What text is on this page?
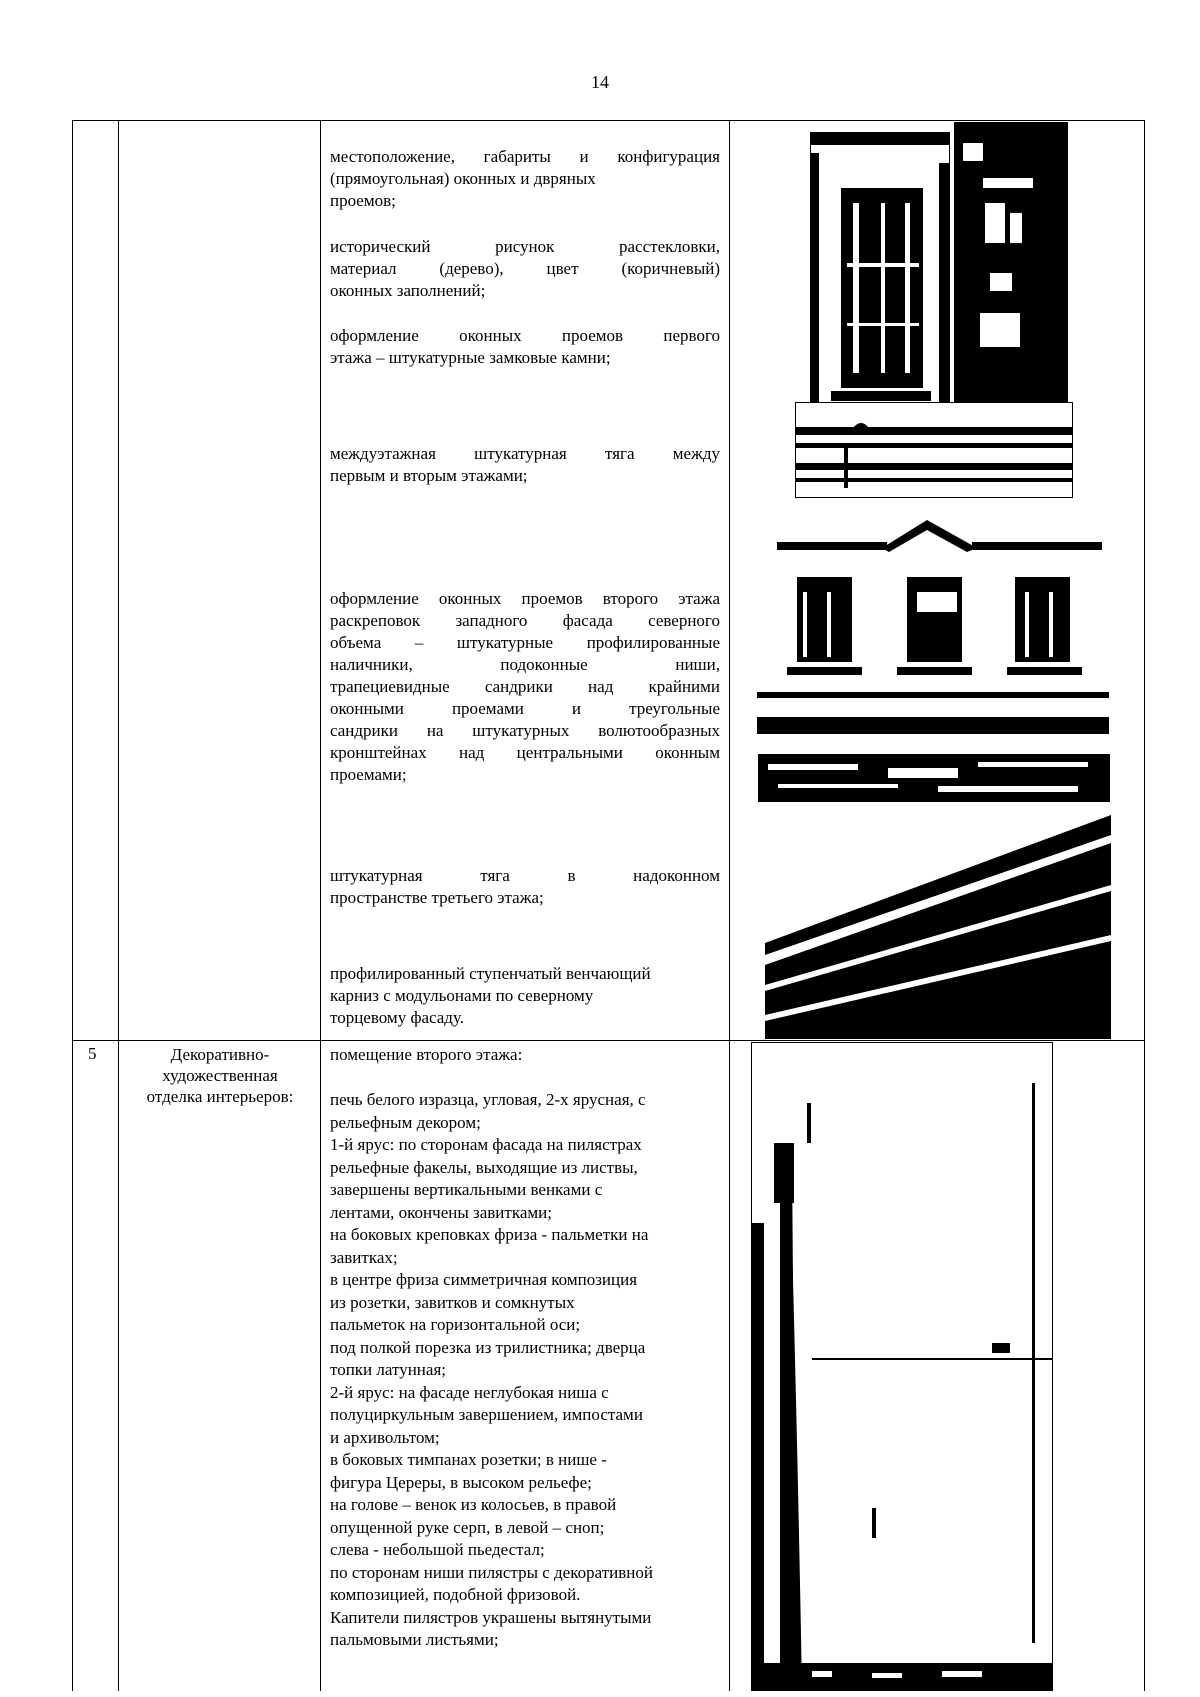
14
местоположение, габариты и конфигурация
(прямоугольная) оконных и двряных
проемов;
исторический рисунок расстекловки,
материал (дерево), цвет (коричневый)
оконных заполнений;
оформление оконных проемов первого
этажа – штукатурные замковые камни;
междуэтажная штукатурная тяга между
первым и вторым этажами;
оформление оконных проемов второго этажа
раскреповок западного фасада северного
объема – штукатурные профилированные
наличники, подоконные ниши,
трапециевидные сандрики над крайними
оконными проемами и треугольные
сандрики на штукатурных волютообразных
кронштейнах над центральными оконным
проемами;
штукатурная тяга в надоконном
пространстве третьего этажа;
профилированный ступенчатый венчающий
карниз с модульонами по северному
торцевому фасаду.
5	Декоративно-
художественная
отделка интерьеров:
помещение второго этажа:
печь белого изразца, угловая, 2-х ярусная, с
рельефным декором;
1-й ярус: по сторонам фасада на пилястрах
рельефные факелы, выходящие из листвы,
завершены вертикальными венками с
лентами, окончены завитками;
на боковых креповках фриза - пальметки на
завитках;
в центре фриза симметричная композиция
из розетки, завитков и сомкнутых
пальметок на горизонтальной оси;
под полкой порезка из трилистника; дверца
топки латунная;
2-й ярус: на фасаде неглубокая ниша с
полуциркульным завершением, импостами
и архивольтом;
в боковых тимпанах розетки; в нише -
фигура Цереры, в высоком рельефе;
на голове – венок из колосьев, в правой
опущенной руке серп, в левой – сноп;
слева - небольшой пьедестал;
по сторонам ниши пилястры с декоративной
композицией, подобной фризовой.
Капители пилястров украшены вытянутыми
пальмовыми листьями;
